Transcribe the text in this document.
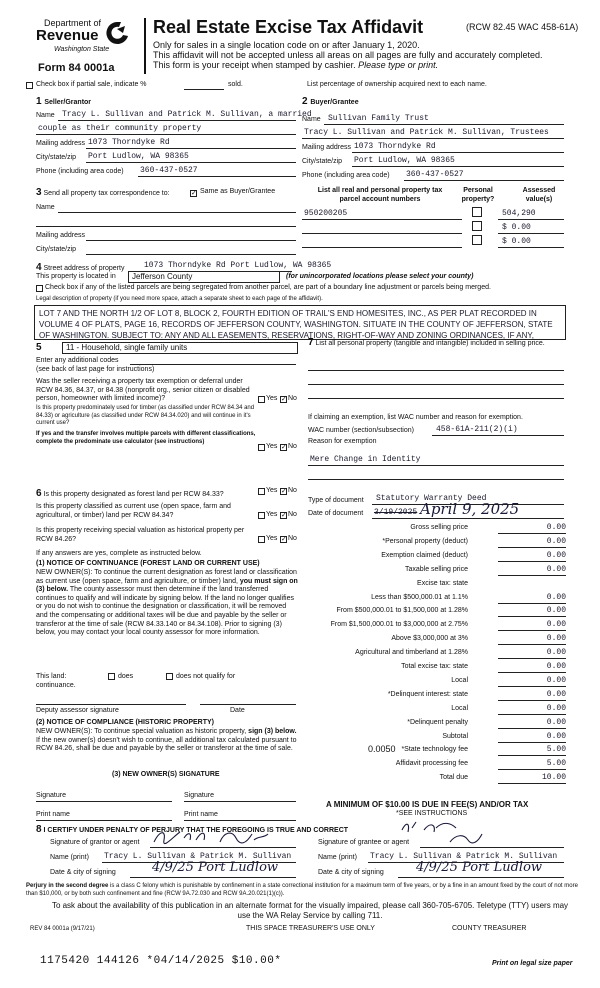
Department of
Revenue
Washington State
Form 84 0001a
Real Estate Excise Tax Affidavit	(RCW 82.45 WAC 458-61A)
Only for sales in a single location code on or after January 1, 2020.
This affidavit will not be accepted unless all areas on all pages are fully and accurately completed.
This form is your receipt when stamped by cashier. Please type or print.
Check box if partial sale, indicate %	sold.	List percentage of ownership acquired next to each name.
1 Seller/Grantor
Name Tracy L. Sullivan and Patrick M. Sullivan, a married
couple as their community property
Mailing address 1073 Thorndyke Rd
City/state/zip Port Ludlow, WA 98365
Phone (including area code) 360-437-0527
2 Buyer/Grantee
Name Sullivan Family Trust
Tracy L. Sullivan and Patrick M. Sullivan, Trustees
Mailing address 1073 Thorndyke Rd
City/state/zip Port Ludlow, WA 98365
Phone (including area code) 360-437-0527
3 Send all property tax correspondence to:	✓ Same as Buyer/Grantee
Name
Mailing address
City/state/zip
List all real and personal property tax parcel account numbers
Personal property?
Assessed value(s)
950200205	504,290
$ 0.00
$ 0.00
4 Street address of property 1073 Thorndyke Rd Port Ludlow, WA 98365
This property is located in Jefferson County	(for unincorporated locations please select your county)
Check box if any of the listed parcels are being segregated from another parcel, are part of a boundary line adjustment or parcels being merged.
Legal description of property (if you need more space, attach a separate sheet to each page of the affidavit).
LOT 7 AND THE NORTH 1/2 OF LOT 8, BLOCK 2, FOURTH EDITION OF TRAIL'S END HOMESITES, INC., AS PER PLAT RECORDED IN VOLUME 4 OF PLATS, PAGE 16, RECORDS OF JEFFERSON COUNTY, WASHINGTON. SITUATE IN THE COUNTY OF JEFFERSON, STATE OF WASHINGTON. SUBJECT TO: ANY AND ALL EASEMENTS, RESERVATIONS, RIGHT-OF-WAY AND ZONING ORDINANCES, IF ANY,
5	11 - Household, single family units
Enter any additional codes
(see back of last page for instructions)
Was the seller receiving a property tax exemption or deferral under RCW 84.36, 84.37, or 84.38 (nonprofit org., senior citizen or disabled person, homeowner with limited income)?	Yes ✓ No
Is this property predominately used for timber (as classified under RCW 84.34 and 84.33) or agriculture (as classified under RCW 84.34.020) and will continue in it's current use?
If yes and the transfer involves multiple parcels with different classifications, complete the predominate use calculator (see instructions)
Yes ✓ No
6 Is this property designated as forest land per RCW 84.33?
Yes ✓ No
Is this property classified as current use (open space, farm and agricultural, or timber) land per RCW 84.34?	Yes ✓ No
Is this property receiving special valuation as historical property per RCW 84.26?	Yes ✓ No
If any answers are yes, complete as instructed below.
(1) NOTICE OF CONTINUANCE (FOREST LAND OR CURRENT USE)
NEW OWNER(S): To continue the current designation as forest land or classification as current use (open space, farm and agriculture, or timber) land, you must sign on (3) below. The county assessor must then determine if the land transferred continues to qualify and will indicate by signing below. If the land no longer qualifies or you do not wish to continue the designation or classification, it will be removed and the compensating or additional taxes will be due and payable by the seller or transferor at the time of sale (RCW 84.33.140 or 84.34.108). Prior to signing (3) below, you may contact your local county assessor for more information.
This land:	does	does not qualify for
continuance.
Deputy assessor signature	Date
(2) NOTICE OF COMPLIANCE (HISTORIC PROPERTY)
NEW OWNER(S): To continue special valuation as historic property, sign (3) below. If the new owner(s) doesn't wish to continue, all additional tax calculated pursuant to RCW 84.26, shall be due and payable by the seller or transferor at the time of sale.
(3) NEW OWNER(S) SIGNATURE
Signature	Signature
Print name	Print name
7 List all personal property (tangible and intangible) included in selling price.
If claiming an exemption, list WAC number and reason for exemption.
WAC number (section/subsection)	458-61A-211(2)(i)
Reason for exemption
Mere Change in Identity
Type of document Statutory Warranty Deed
Date of document 3/19/2025 April 9, 2025
Gross selling price	0.00
*Personal property (deduct)	0.00
Exemption claimed (deduct)	0.00
Taxable selling price	0.00
Excise tax: state
Less than $500,000.01 at 1.1%	0.00
From $500,000.01 to $1,500,000 at 1.28%	0.00
From $1,500,000.01 to $3,000,000 at 2.75%	0.00
Above $3,000,000 at 3%	0.00
Agricultural and timberland at 1.28%	0.00
Total excise tax: state	0.00
Local	0.00
*Delinquent interest: state	0.00
Local	0.00
*Delinquent penalty	0.00
Subtotal	0.00
*State technology fee	5.00
Affidavit processing fee	5.00
Total due	10.00
0.0050
A MINIMUM OF $10.00 IS DUE IN FEE(S) AND/OR TAX
*SEE INSTRUCTIONS
8 I CERTIFY UNDER PENALTY OF PERJURY THAT THE FOREGOING IS TRUE AND CORRECT
Signature of grantor or agent
Name (print) Tracy L. Sullivan & Patrick M. Sullivan
Date & city of signing	4/9/25 Port Ludlow
Signature of grantee or agent
Name (print) Tracy L. Sullivan & Patrick M. Sullivan
Date & city of signing 4/9/25 Port Ludlow
Perjury in the second degree is a class C felony which is punishable by confinement in a state correctional institution for a maximum term of five years, or by a fine in an amount fixed by the court of not more than $10,000, or by both such confinement and fine (RCW 9A.72.030 and RCW 9A.20.021(1)(c)).
To ask about the availability of this publication in an alternate format for the visually impaired, please call 360-705-6705. Teletype (TTY) users may use the WA Relay Service by calling 711.
REV 84 0001a (9/17/21)	THIS SPACE TREASURER'S USE ONLY	COUNTY TREASURER
1175420 144126 *04/14/2025 $10.00*	Print on legal size paper
